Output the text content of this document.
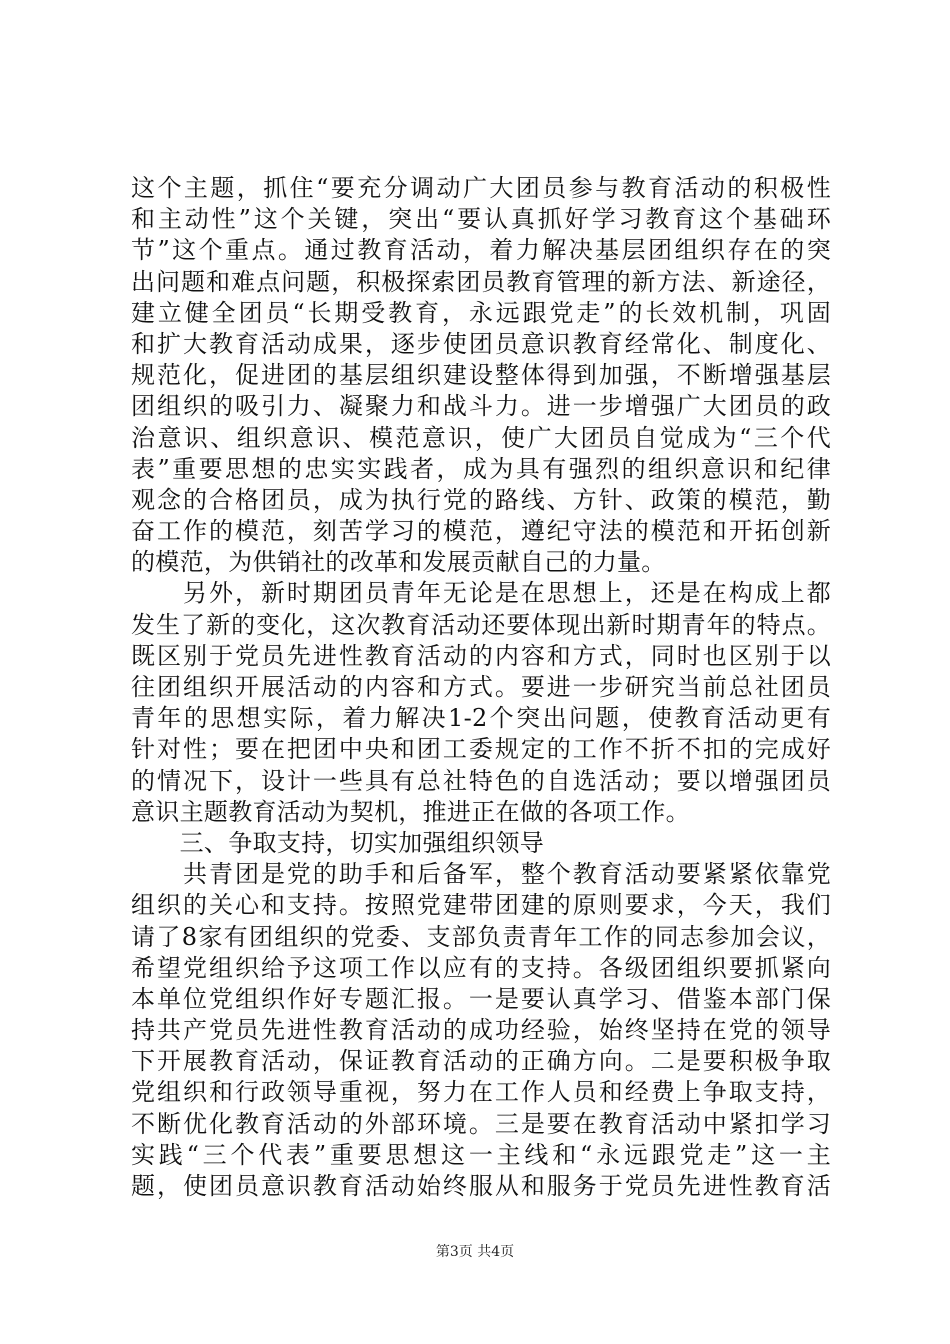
这个主题，抓住“要充分调动广大团员参与教育活动的积极性
和主动性”这个关键，突出“要认真抓好学习教育这个基础环
节”这个重点。通过教育活动，着力解决基层团组织存在的突
出问题和难点问题，积极探索团员教育管理的新方法、新途径，
建立健全团员“长期受教育，永远跟党走”的长效机制，巩固
和扩大教育活动成果，逐步使团员意识教育经常化、制度化、
规范化，促进团的基层组织建设整体得到加强，不断增强基层
团组织的吸引力、凝聚力和战斗力。进一步增强广大团员的政
治意识、组织意识、模范意识，使广大团员自觉成为“三个代
表”重要思想的忠实实践者，成为具有强烈的组织意识和纪律
观念的合格团员，成为执行党的路线、方针、政策的模范，勤
奋工作的模范，刻苦学习的模范，遵纪守法的模范和开拓创新
的模范，为供销社的改革和发展贡献自己的力量。
　　另外，新时期团员青年无论是在思想上，还是在构成上都
发生了新的变化，这次教育活动还要体现出新时期青年的特点。
既区别于党员先进性教育活动的内容和方式，同时也区别于以
往团组织开展活动的内容和方式。要进一步研究当前总社团员
青年的思想实际，着力解决1-2个突出问题，使教育活动更有
针对性；要在把团中央和团工委规定的工作不折不扣的完成好
的情况下，设计一些具有总社特色的自选活动；要以增强团员
意识主题教育活动为契机，推进正在做的各项工作。
　　三、争取支持，切实加强组织领导
　　共青团是党的助手和后备军，整个教育活动要紧紧依靠党
组织的关心和支持。按照党建带团建的原则要求，今天，我们
请了8家有团组织的党委、支部负责青年工作的同志参加会议，
希望党组织给予这项工作以应有的支持。各级团组织要抓紧向
本单位党组织作好专题汇报。一是要认真学习、借鉴本部门保
持共产党员先进性教育活动的成功经验，始终坚持在党的领导
下开展教育活动，保证教育活动的正确方向。二是要积极争取
党组织和行政领导重视，努力在工作人员和经费上争取支持，
不断优化教育活动的外部环境。三是要在教育活动中紧扣学习
实践“三个代表”重要思想这一主线和“永远跟党走”这一主
题，使团员意识教育活动始终服从和服务于党员先进性教育活
第3页 共4页
